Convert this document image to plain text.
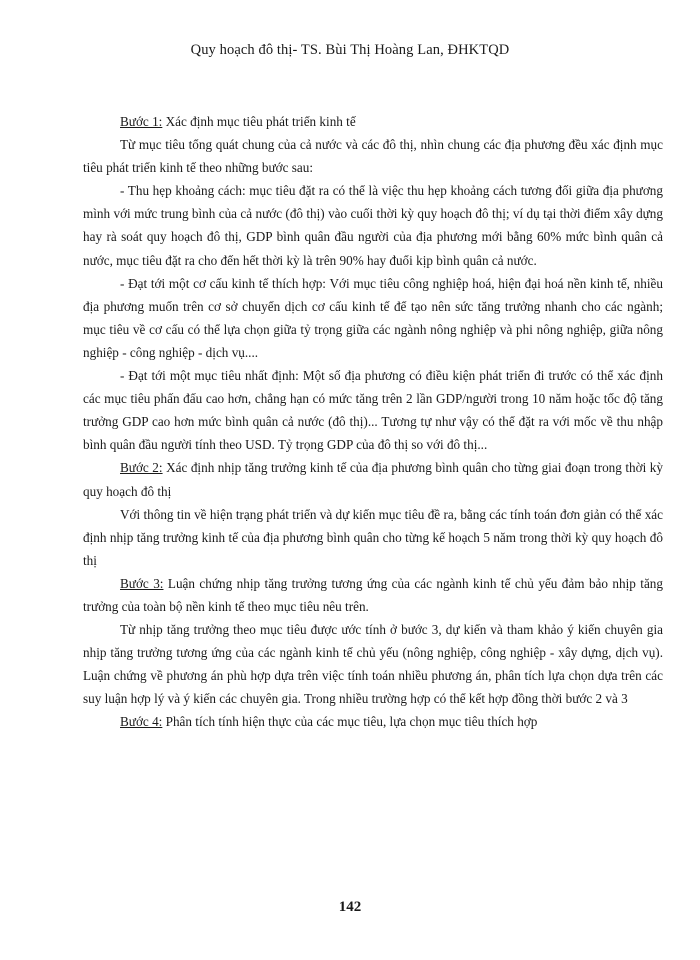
Quy hoạch đô thị- TS. Bùi Thị Hoàng Lan, ĐHKTQD

Bước 1: Xác định mục tiêu phát triển kinh tế

Từ mục tiêu tổng quát chung của cả nước và các đô thị, nhìn chung các địa phương đều xác định mục tiêu phát triển kinh tế theo những bước sau:

- Thu hẹp khoảng cách: mục tiêu đặt ra có thể là việc thu hẹp khoảng cách tương đối giữa địa phương mình với mức trung bình của cả nước (đô thị) vào cuối thời kỳ quy hoạch đô thị; ví dụ tại thời điểm xây dựng hay rà soát quy hoạch đô thị, GDP bình quân đầu người của địa phương mới bằng 60% mức bình quân cả nước, mục tiêu đặt ra cho đến hết thời kỳ là trên 90% hay đuổi kịp bình quân cả nước.

- Đạt tới một cơ cấu kinh tế thích hợp: Với mục tiêu công nghiệp hoá, hiện đại hoá nền kinh tế, nhiều địa phương muốn trên cơ sở chuyển dịch cơ cấu kinh tế để tạo nên sức tăng trưởng nhanh cho các ngành; mục tiêu về cơ cấu có thể lựa chọn giữa tỷ trọng giữa các ngành nông nghiệp và phi nông nghiệp, giữa nông nghiệp - công nghiệp - dịch vụ....

- Đạt tới một mục tiêu nhất định: Một số địa phương có điều kiện phát triển đi trước có thể xác định các mục tiêu phấn đấu cao hơn, chẳng hạn có mức tăng trên 2 lần GDP/người trong 10 năm hoặc tốc độ tăng trưởng GDP cao hơn mức bình quân cả nước (đô thị)... Tương tự như vậy có thể đặt ra với mốc về thu nhập bình quân đầu người tính theo USD. Tỷ trọng GDP của đô thị so với đô thị...

Bước 2: Xác định nhịp tăng trưởng kinh tế của địa phương bình quân cho từng giai đoạn trong thời kỳ quy hoạch đô thị

Với thông tin về hiện trạng phát triển và dự kiến mục tiêu đề ra, bằng các tính toán đơn giản có thể xác định nhịp tăng trưởng kinh tế của địa phương bình quân cho từng kế hoạch 5 năm trong thời kỳ quy hoạch đô thị

Bước 3: Luận chứng nhịp tăng trưởng tương ứng của các ngành kinh tế chủ yếu đảm bảo nhịp tăng trưởng của toàn bộ nền kinh tế theo mục tiêu nêu trên.

Từ nhịp tăng trưởng theo mục tiêu được ước tính ở bước 3, dự kiến và tham khảo ý kiến chuyên gia nhịp tăng trưởng tương ứng của các ngành kinh tế chủ yếu (nông nghiệp, công nghiệp - xây dựng, dịch vụ). Luận chứng về phương án phù hợp dựa trên việc tính toán nhiều phương án, phân tích lựa chọn dựa trên các suy luận hợp lý và ý kiến các chuyên gia. Trong nhiều trường hợp có thể kết hợp đồng thời bước 2 và 3

Bước 4: Phân tích tính hiện thực của các mục tiêu, lựa chọn mục tiêu thích hợp

142
